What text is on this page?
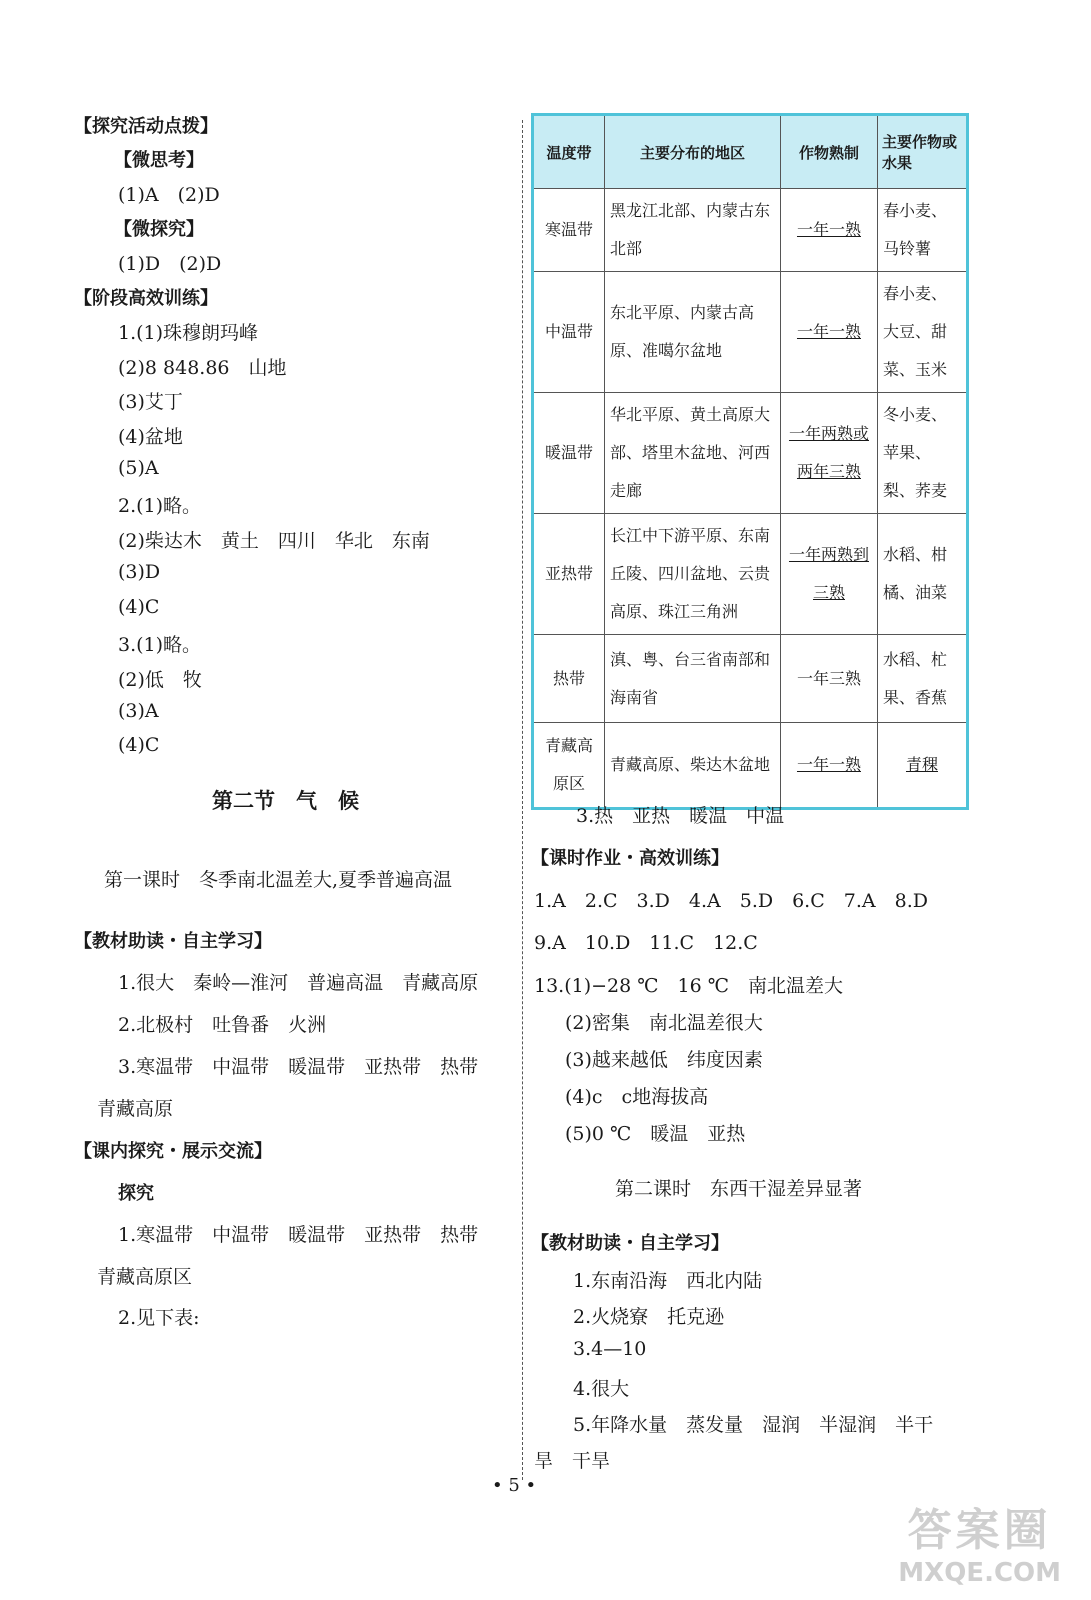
【探究活动点拨】
【微思考】
(1)A　(2)D
【微探究】
(1)D　(2)D
【阶段高效训练】
1.(1)珠穆朗玛峰
(2)8 848.86　山地
(3)艾丁
(4)盆地
(5)A
2.(1)略。
(2)柴达木　黄土　四川　华北　东南
(3)D
(4)C
3.(1)略。
(2)低　牧
(3)A
(4)C
第二节　气　候
第一课时　冬季南北温差大,夏季普遍高温
【教材助读・自主学习】
1.很大　秦岭—淮河　普遍高温　青藏高原
2.北极村　吐鲁番　火洲
3.寒温带　中温带　暖温带　亚热带　热带
青藏高原
【课内探究・展示交流】
探究
1.寒温带　中温带　暖温带　亚热带　热带
青藏高原区
2.见下表:
温度带	主要分布的地区	作物熟制	主要作物或水果
寒温带	黑龙江北部、内蒙古东北部	一年一熟	春小麦、马铃薯
中温带	东北平原、内蒙古高原、准噶尔盆地	一年一熟	春小麦、大豆、甜菜、玉米
暖温带	华北平原、黄土高原大部、塔里木盆地、河西走廊	一年两熟或两年三熟	冬小麦、苹果、梨、荞麦
亚热带	长江中下游平原、东南丘陵、四川盆地、云贵高原、珠江三角洲	一年两熟到三熟	水稻、柑橘、油菜
热带	滇、粤、台三省南部和海南省	一年三熟	水稻、杧果、香蕉
青藏高原区	青藏高原、柴达木盆地	一年一熟	青稞
3.热　亚热　暖温　中温
【课时作业・高效训练】
1.A　2.C　3.D　4.A　5.D　6.C　7.A　8.D
9.A　10.D　11.C　12.C
13.(1)−28 ℃　16 ℃　南北温差大
(2)密集　南北温差很大
(3)越来越低　纬度因素
(4)c　c地海拔高
(5)0 ℃　暖温　亚热
第二课时　东西干湿差异显著
【教材助读・自主学习】
1.东南沿海　西北内陆
2.火烧寮　托克逊
3.4—10
4.很大
5.年降水量　蒸发量　湿润　半湿润　半干
旱　干旱
• 5 •
答案圈
MXQE.COM
